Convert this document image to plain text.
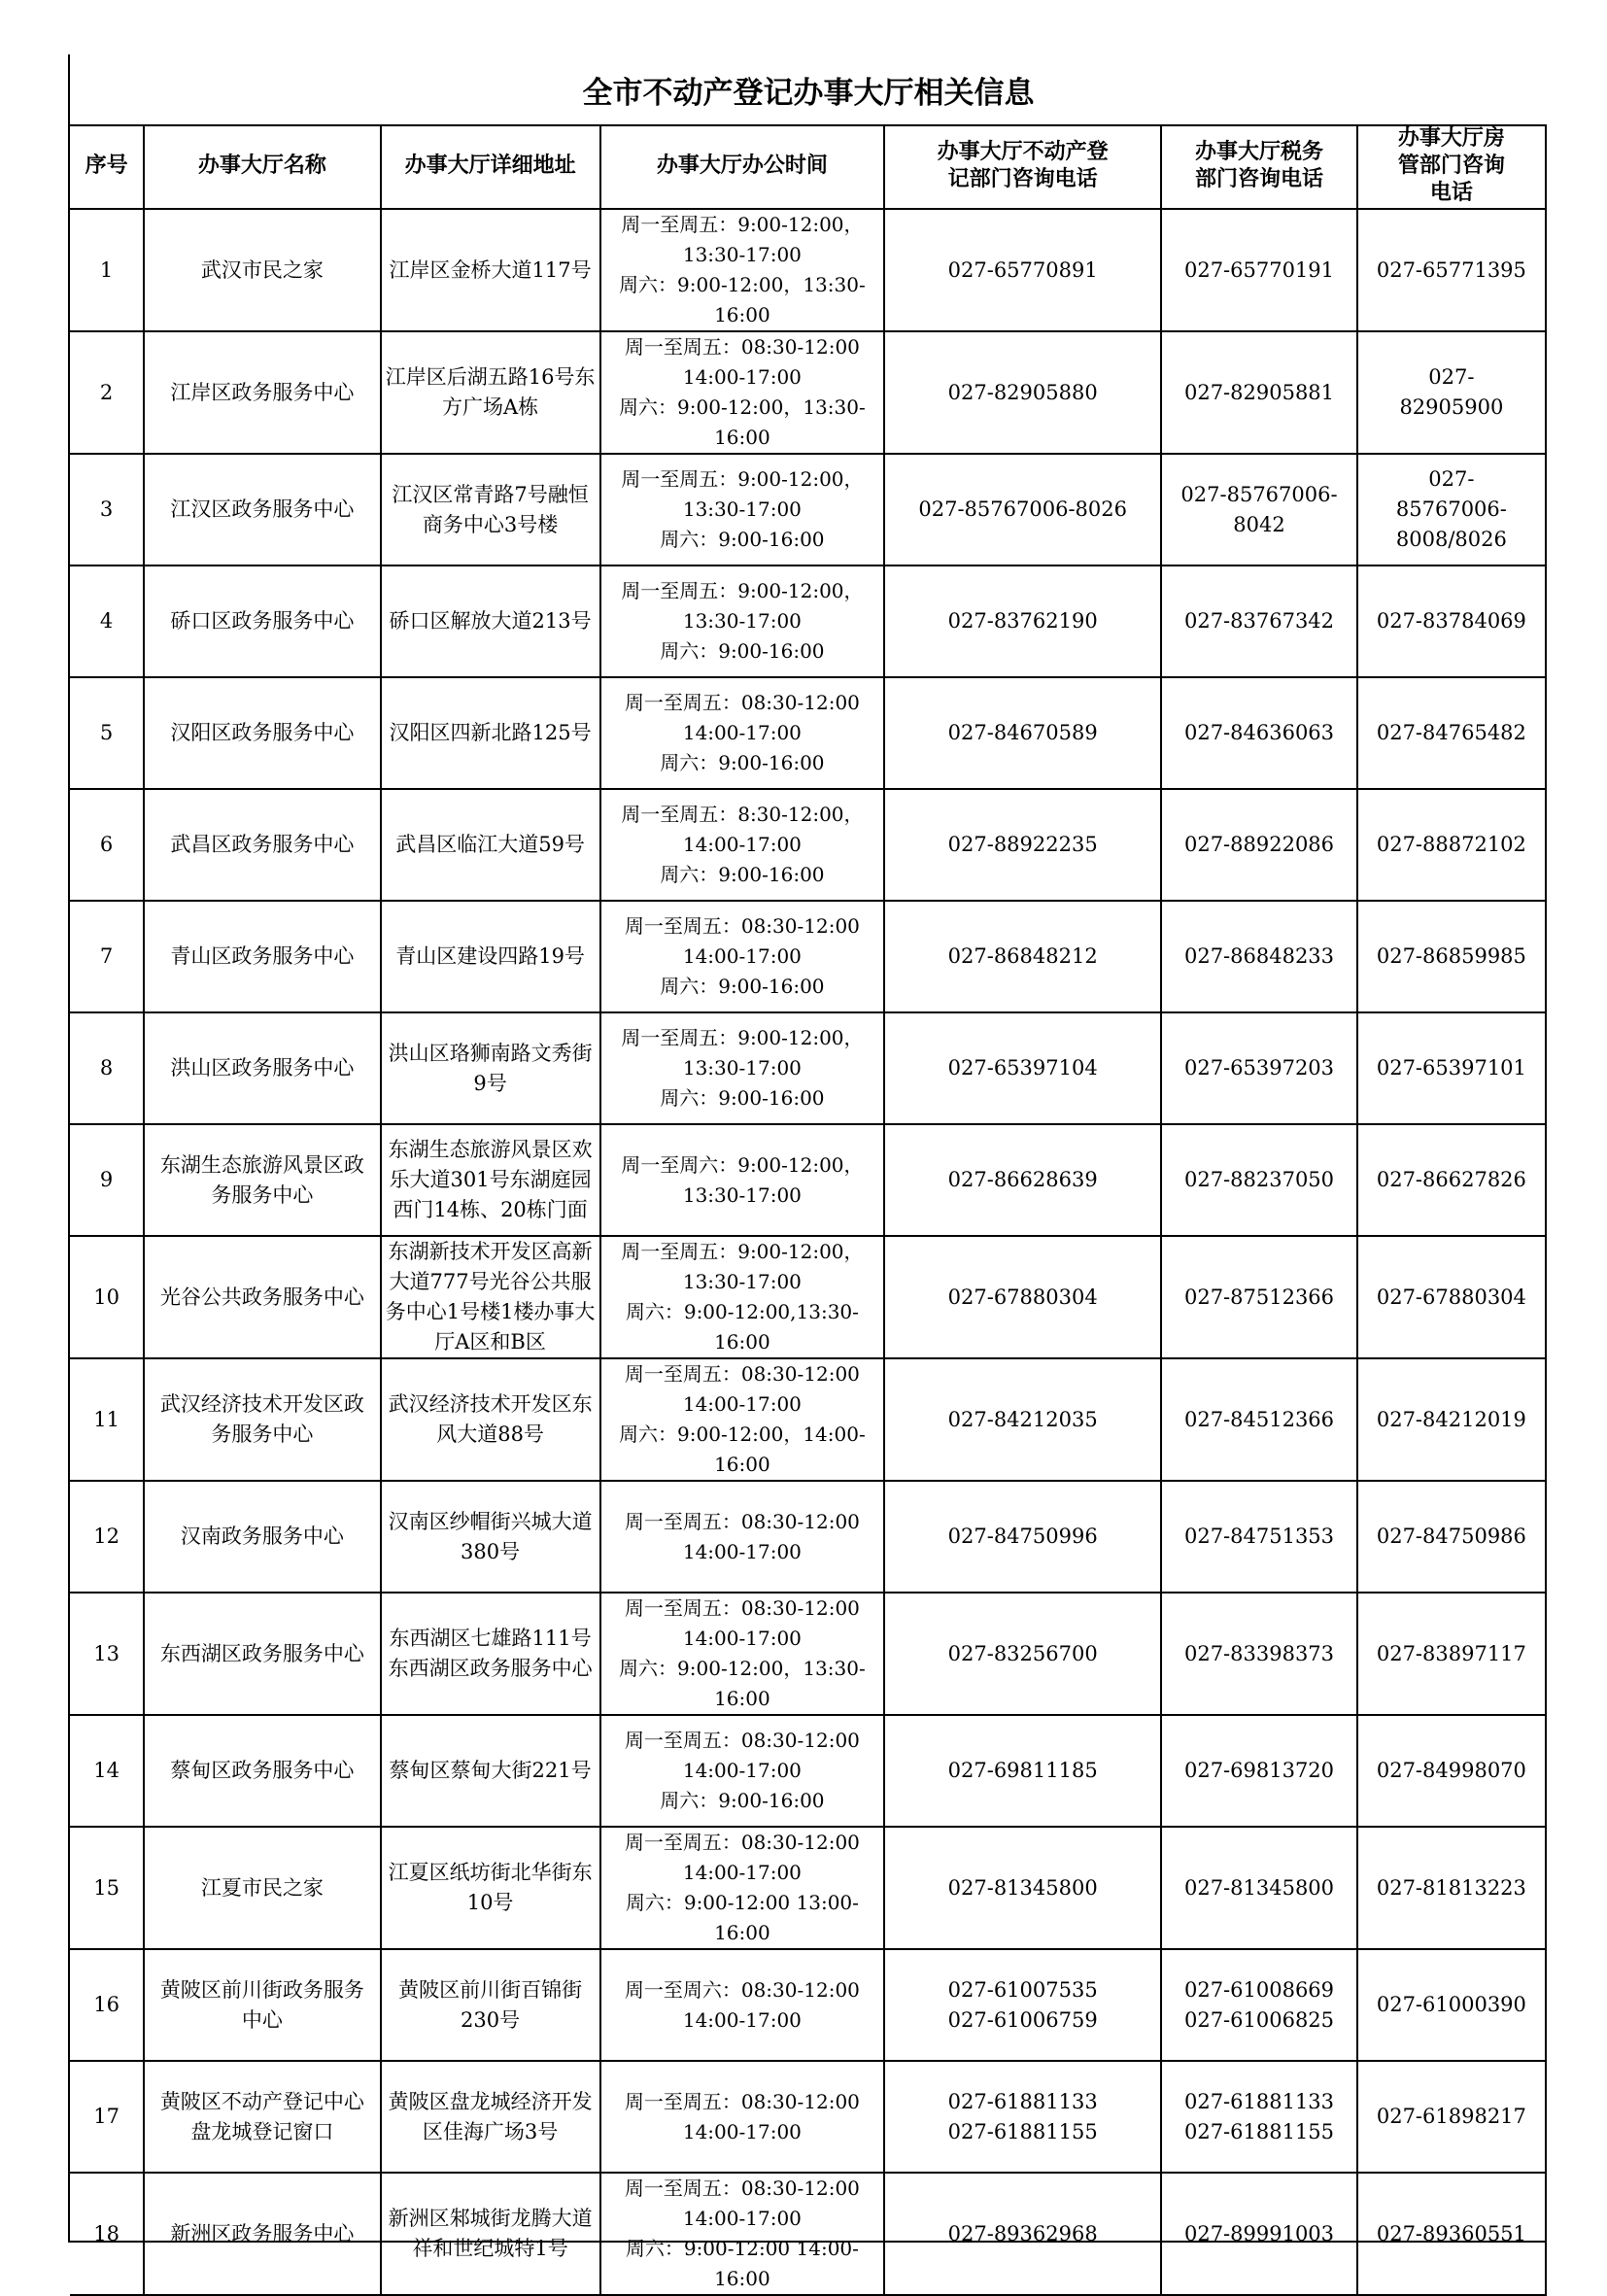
全市不动产登记办事大厅相关信息
序号	办事大厅名称	办事大厅详细地址	办事大厅办公时间	办事大厅不动产登
记部门咨询电话	办事大厅税务
部门咨询电话	办事大厅房
管部门咨询
电话

1	武汉市民之家	江岸区金桥大道117号	周一至周五：9:00-12:00，
13:30-17:00
周六：9:00-12:00，13:30-
16:00	027-65770891	027-65770191	027-65771395

2	江岸区政务服务中心	江岸区后湖五路16号东
方广场A栋	周一至周五：08:30-12:00
14:00-17:00
周六：9:00-12:00，13:30-
16:00	027-82905880	027-82905881	027-
82905900

3	江汉区政务服务中心	江汉区常青路7号融恒
商务中心3号楼	周一至周五：9:00-12:00，
13:30-17:00
周六：9:00-16:00	027-85767006-8026	027-85767006-
8042	027-
85767006-
8008/8026

4	硚口区政务服务中心	硚口区解放大道213号	周一至周五：9:00-12:00，
13:30-17:00
周六：9:00-16:00	027-83762190	027-83767342	027-83784069

5	汉阳区政务服务中心	汉阳区四新北路125号	周一至周五：08:30-12:00
14:00-17:00
周六：9:00-16:00	027-84670589	027-84636063	027-84765482

6	武昌区政务服务中心	武昌区临江大道59号	周一至周五：8:30-12:00，
14:00-17:00
周六：9:00-16:00	027-88922235	027-88922086	027-88872102

7	青山区政务服务中心	青山区建设四路19号	周一至周五：08:30-12:00
14:00-17:00
周六：9:00-16:00	027-86848212	027-86848233	027-86859985

8	洪山区政务服务中心	洪山区珞狮南路文秀街
9号	周一至周五：9:00-12:00，
13:30-17:00
周六：9:00-16:00	027-65397104	027-65397203	027-65397101

9	东湖生态旅游风景区政
务服务中心	东湖生态旅游风景区欢
乐大道301号东湖庭园
西门14栋、20栋门面	周一至周六：9:00-12:00，
13:30-17:00	027-86628639	027-88237050	027-86627826

10	光谷公共政务服务中心	东湖新技术开发区高新
大道777号光谷公共服
务中心1号楼1楼办事大
厅A区和B区	周一至周五：9:00-12:00，
13:30-17:00
周六：9:00-12:00,13:30-
16:00	027-67880304	027-87512366	027-67880304

11	武汉经济技术开发区政
务服务中心	武汉经济技术开发区东
风大道88号	周一至周五：08:30-12:00
14:00-17:00
周六：9:00-12:00，14:00-
16:00	027-84212035	027-84512366	027-84212019

12	汉南政务服务中心	汉南区纱帽街兴城大道
380号	周一至周五：08:30-12:00
14:00-17:00	027-84750996	027-84751353	027-84750986

13	东西湖区政务服务中心	东西湖区七雄路111号
东西湖区政务服务中心	周一至周五：08:30-12:00
14:00-17:00
周六：9:00-12:00，13:30-
16:00	027-83256700	027-83398373	027-83897117

14	蔡甸区政务服务中心	蔡甸区蔡甸大街221号	周一至周五：08:30-12:00
14:00-17:00
周六：9:00-16:00	027-69811185	027-69813720	027-84998070

15	江夏市民之家	江夏区纸坊街北华街东
10号	周一至周五：08:30-12:00
14:00-17:00
周六：9:00-12:00 13:00-
16:00	027-81345800	027-81345800	027-81813223

16	黄陂区前川街政务服务
中心	黄陂区前川街百锦街
230号	周一至周六：08:30-12:00
14:00-17:00	027-61007535
027-61006759	027-61008669
027-61006825	027-61000390

17	黄陂区不动产登记中心
盘龙城登记窗口	黄陂区盘龙城经济开发
区佳海广场3号	周一至周五：08:30-12:00
14:00-17:00	027-61881133
027-61881155	027-61881133
027-61881155	027-61898217

18	新洲区政务服务中心	新洲区邾城街龙腾大道
祥和世纪城特1号	周一至周五：08:30-12:00
14:00-17:00
周六：9:00-12:00 14:00-
16:00	027-89362968	027-89991003	027-89360551
